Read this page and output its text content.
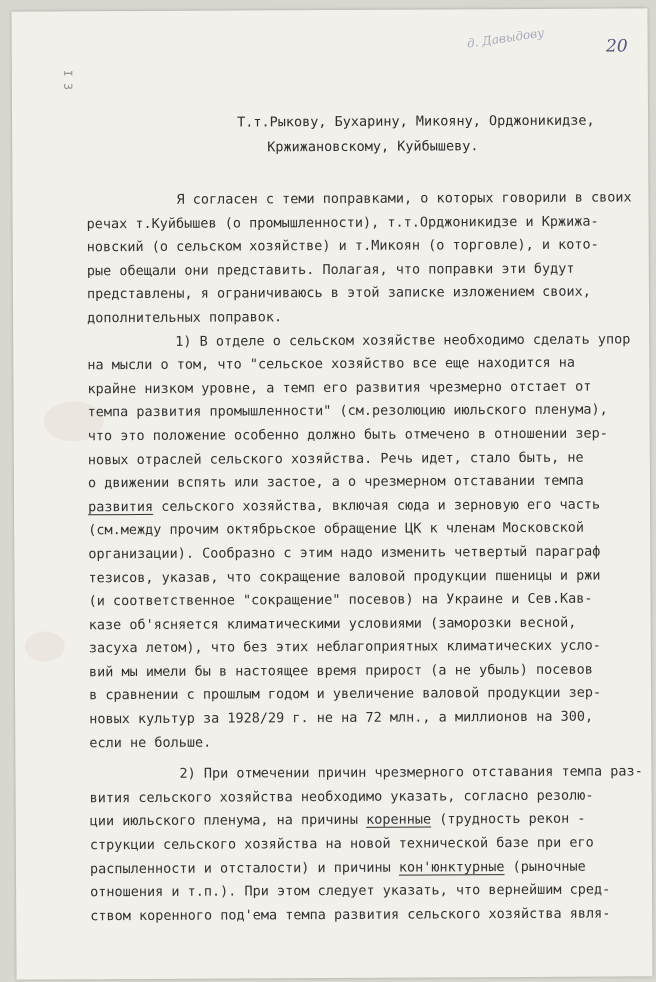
д. Давыдову	20
I 3
Т.т.Рыкову, Бухарину, Микояну, Орджоникидзе,
Кржижановскому, Куйбышеву.
Я согласен с теми поправками, о которых говорили в своих
речах т.Куйбышев (о промышленности), т.т.Орджоникидзе и Кржижа-
новский (о сельском хозяйстве) и т.Микоян (о торговле), и кото-
рые обещали они представить. Полагая, что поправки эти будут
представлены, я ограничиваюсь в этой записке изложением своих,
дополнительных поправок.
1) В отделе о сельском хозяйстве необходимо сделать упор
на мысли о том, что "сельское хозяйство все еще находится на
крайне низком уровне, а темп его развития чрезмерно отстает от
темпа развития промышленности" (см.резолюцию июльского пленума),
что это положение особенно должно быть отмечено в отношении зер-
новых отраслей сельского хозяйства. Речь идет, стало быть, не
о движении вспять или застое, а о чрезмерном отставании темпа
развития сельского хозяйства, включая сюда и зерновую его часть
(см.между прочим октябрьское обращение ЦК к членам Московской
организации). Сообразно с этим надо изменить четвертый параграф
тезисов, указав, что сокращение валовой продукции пшеницы и ржи
(и соответственное "сокращение" посевов) на Украине и Сев.Кав-
казе об'ясняется климатическими условиями (заморозки весной,
засуха летом), что без этих неблагоприятных климатических усло-
вий мы имели бы в настоящее время прирост (а не убыль) посевов
в сравнении с прошлым годом и увеличение валовой продукции зер-
новых культур за 1928/29 г. не на 72 млн., а миллионов на 300,
если не больше.
2) При отмечении причин чрезмерного отставания темпа раз-
вития сельского хозяйства необходимо указать, согласно резолю-
ции июльского пленума, на причины коренные (трудность рекон -
струкции сельского хозяйства на новой технической базе при его
распыленности и отсталости) и причины кон'юнктурные (рыночные
отношения и т.п.). При этом следует указать, что вернейшим сред-
ством коренного под'ема темпа развития сельского хозяйства явля-
